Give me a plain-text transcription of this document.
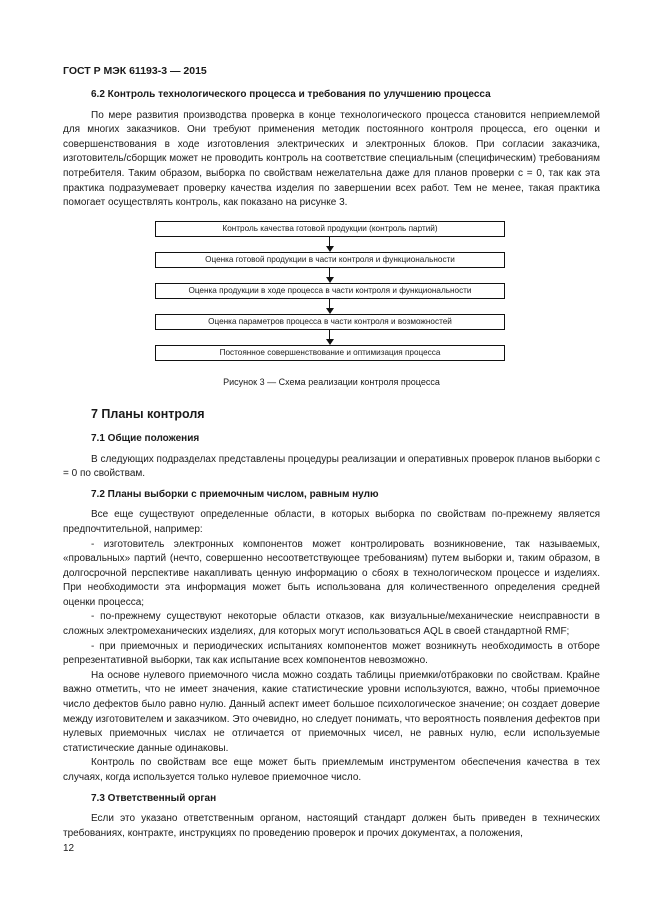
ГОСТ Р МЭК 61193-3 — 2015
6.2 Контроль технологического процесса и требования по улучшению процесса

По мере развития производства проверка в конце технологического процесса становится неприемлемой для многих заказчиков. Они требуют применения методик постоянного контроля процесса, его оценки и совершенствования в ходе изготовления электрических и электронных блоков. При согласии заказчика, изготовитель/сборщик может не проводить контроль на соответствие специальным (специфическим) требованиям потребителя. Таким образом, выборка по свойствам нежелательна даже для планов проверки с = 0, так как эта практика подразумевает проверку качества изделия по завершении всех работ. Тем не менее, такая практика помогает осуществлять контроль, как показано на рисунке 3.

Контроль качества готовой продукции (контроль партий)
Оценка готовой продукции в части контроля и функциональности
Оценка продукции в ходе процесса в части контроля и функциональности
Оценка параметров процесса в части контроля и возможностей
Постоянное совершенствование и оптимизация процесса
Рисунок 3 — Схема реализации контроля процесса
7 Планы контроля
7.1 Общие положения

В следующих подразделах представлены процедуры реализации и оперативных проверок планов выборки с = 0 по свойствам.

7.2 Планы выборки с приемочным числом, равным нулю

Все еще существуют определенные области, в которых выборка по свойствам по-прежнему является предпочтительной, например:

- изготовитель электронных компонентов может контролировать возникновение, так называемых, «провальных» партий (нечто, совершенно несоответствующее требованиям) путем выборки и, таким образом, в долгосрочной перспективе накапливать ценную информацию о сбоях в технологическом процессе и изделиях. При необходимости эта информация может быть использована для количественного определения средней оценки процесса;

- по-прежнему существуют некоторые области отказов, как визуальные/механические неисправности в сложных электромеханических изделиях, для которых могут использоваться AQL в своей стандартной RMF;

- при приемочных и периодических испытаниях компонентов может возникнуть необходимость в отборе репрезентативной выборки, так как испытание всех компонентов невозможно.

На основе нулевого приемочного числа можно создать таблицы приемки/отбраковки по свойствам. Крайне важно отметить, что не имеет значения, какие статистические уровни используются, важно, чтобы приемочное число дефектов было равно нулю. Данный аспект имеет большое психологическое значение; он создает доверие между изготовителем и заказчиком. Это очевидно, но следует понимать, что вероятность появления дефектов при нулевых приемочных числах не отличается от приемочных чисел, не равных нулю, если используемые статистические данные одинаковы.

Контроль по свойствам все еще может быть приемлемым инструментом обеспечения качества в тех случаях, когда используется только нулевое приемочное число.

7.3 Ответственный орган

Если это указано ответственным органом, настоящий стандарт должен быть приведен в технических требованиях, контракте, инструкциях по проведению проверок и прочих документах, а положения,

12
